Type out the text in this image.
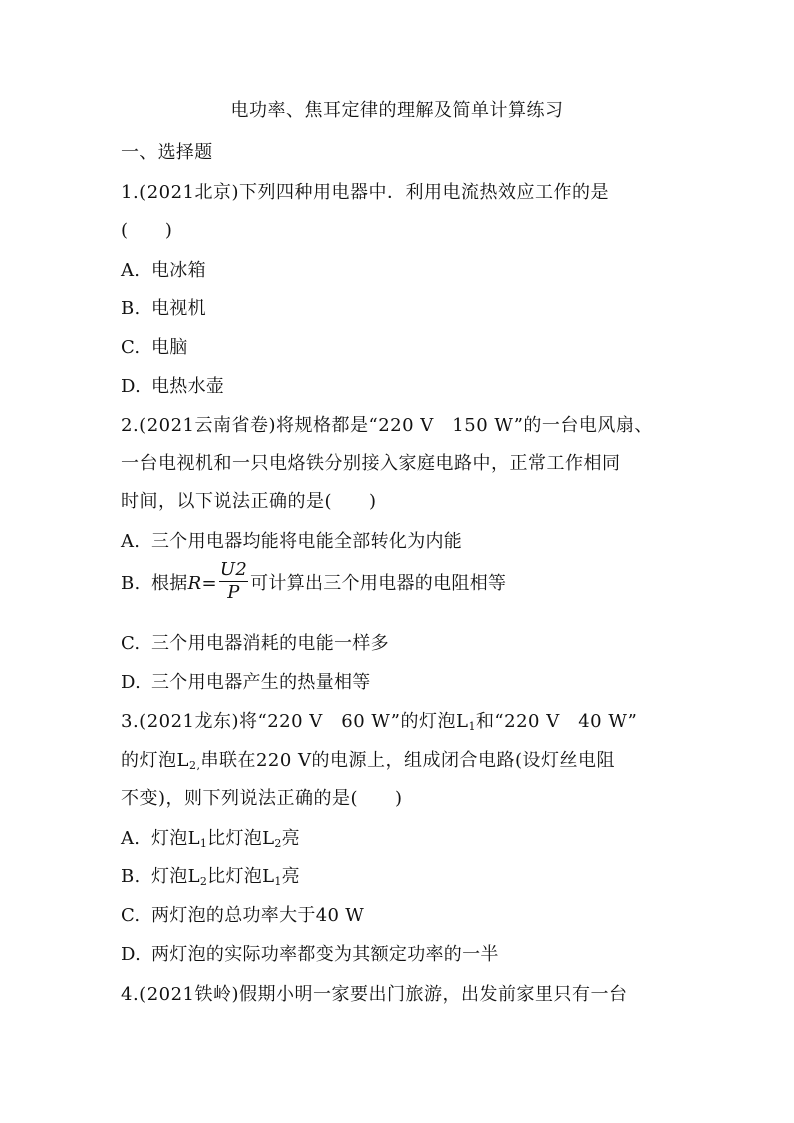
电功率、焦耳定律的理解及简单计算练习
一、选择题
1.(2021北京)下列四种用电器中．利用电流热效应工作的是
(　　)
A. 电冰箱
B. 电视机
C. 电脑
D. 电热水壶
2.(2021云南省卷)将规格都是“220 V　150 W”的一台电风扇、
一台电视机和一只电烙铁分别接入家庭电路中，正常工作相同
时间，以下说法正确的是(　　)
A. 三个用电器均能将电能全部转化为内能
B. 根据$R= \frac{U2}{P}$ 可计算出三个用电器的电阻相等
C. 三个用电器消耗的电能一样多
D. 三个用电器产生的热量相等
3.(2021龙东)将“220 V　60 W”的灯泡$L_1$和“220 V　40 W”
的灯泡$L_{2,}$串联在220 V的电源上，组成闭合电路(设灯丝电阻
不变)，则下列说法正确的是(　　)
A. 灯泡$L_1$比灯泡$L_2$亮
B. 灯泡$L_2$比灯泡$L_1$亮
C. 两灯泡的总功率大于40 W
D. 两灯泡的实际功率都变为其额定功率的一半
4.(2021铁岭)假期小明一家要出门旅游，出发前家里只有一台
